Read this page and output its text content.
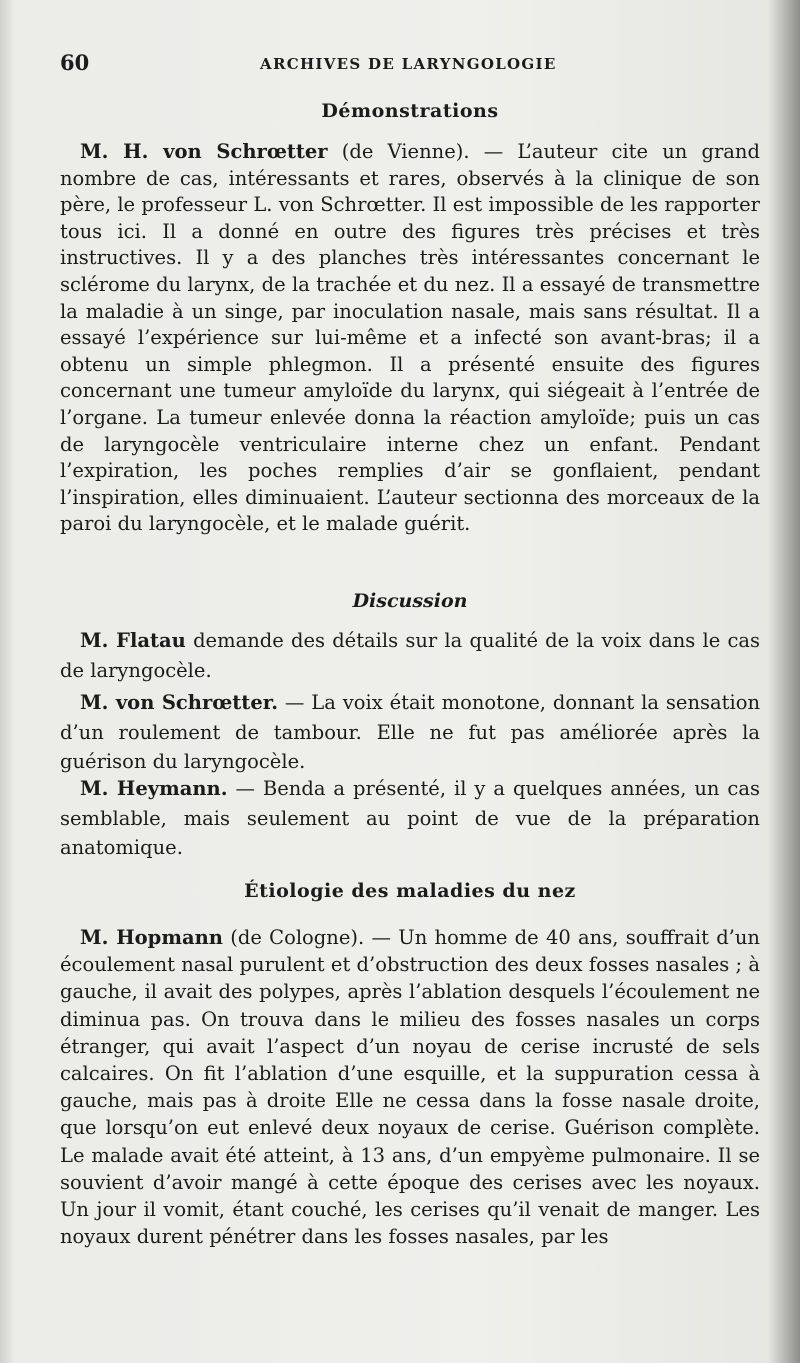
60	ARCHIVES DE LARYNGOLOGIE
Démonstrations

M. H. von Schrœtter (de Vienne). — L’auteur cite un grand nombre de cas, intéressants et rares, observés à la clinique de son père, le professeur L. von Schrœtter. Il est impossible de les rapporter tous ici. Il a donné en outre des figures très précises et très instructives. Il y a des planches très intéressantes concernant le sclérome du larynx, de la trachée et du nez. Il a essayé de transmettre la maladie à un singe, par inoculation nasale, mais sans résultat. Il a essayé l’expérience sur lui-même et a infecté son avant-bras; il a obtenu un simple phlegmon. Il a présenté ensuite des figures concernant une tumeur amyloïde du larynx, qui siégeait à l’entrée de l’organe. La tumeur enlevée donna la réaction amyloïde; puis un cas de laryngocèle ventriculaire interne chez un enfant. Pendant l’expiration, les poches remplies d’air se gonflaient, pendant l’inspiration, elles diminuaient. L’auteur sectionna des morceaux de la paroi du laryngocèle, et le malade guérit.

Discussion

M. Flatau demande des détails sur la qualité de la voix dans le cas de laryngocèle.

M. von Schrœtter. — La voix était monotone, donnant la sensation d’un roulement de tambour. Elle ne fut pas améliorée après la guérison du laryngocèle.

M. Heymann. — Benda a présenté, il y a quelques années, un cas semblable, mais seulement au point de vue de la préparation anatomique.

Étiologie des maladies du nez

M. Hopmann (de Cologne). — Un homme de 40 ans, souffrait d’un écoulement nasal purulent et d’obstruction des deux fosses nasales ; à gauche, il avait des polypes, après l’ablation desquels l’écoulement ne diminua pas. On trouva dans le milieu des fosses nasales un corps étranger, qui avait l’aspect d’un noyau de cerise incrusté de sels calcaires. On fit l’ablation d’une esquille, et la suppuration cessa à gauche, mais pas à droite Elle ne cessa dans la fosse nasale droite, que lorsqu’on eut enlevé deux noyaux de cerise. Guérison complète. Le malade avait été atteint, à 13 ans, d’un empyème pulmonaire. Il se souvient d’avoir mangé à cette époque des cerises avec les noyaux. Un jour il vomit, étant couché, les cerises qu’il venait de manger. Les noyaux durent pénétrer dans les fosses nasales, par les
